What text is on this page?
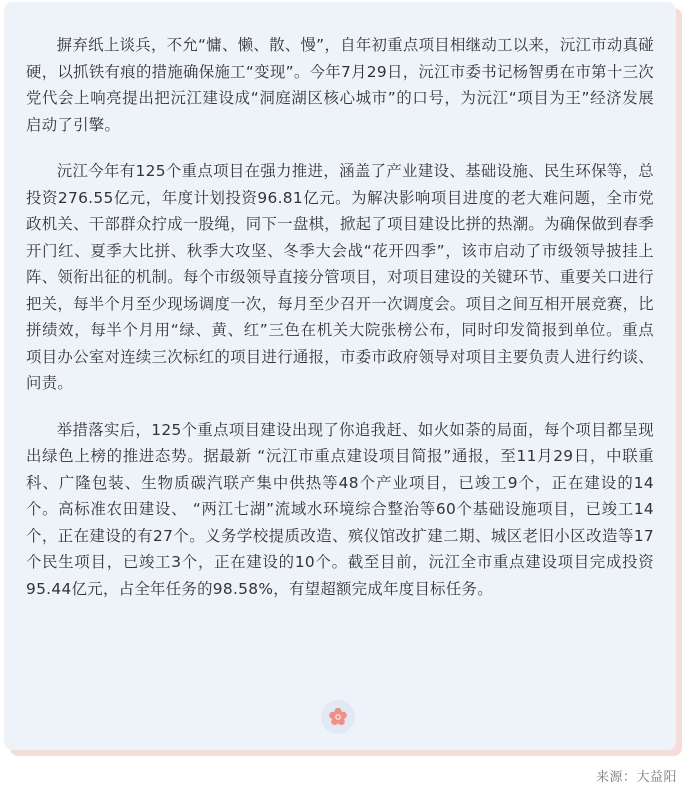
摒弃纸上谈兵，不允“慵、懒、散、慢”，自年初重点项目相继动工以来，沅江市动真碰硬，以抓铁有痕的措施确保施工“变现”。今年7月29日，沅江市委书记杨智勇在市第十三次党代会上响亮提出把沅江建设成“洞庭湖区核心城市”的口号，为沅江“项目为王”经济发展启动了引擎。

沅江今年有125个重点项目在强力推进，涵盖了产业建设、基础设施、民生环保等，总投资276.55亿元，年度计划投资96.81亿元。为解决影响项目进度的老大难问题，全市党政机关、干部群众拧成一股绳，同下一盘棋，掀起了项目建设比拼的热潮。为确保做到春季开门红、夏季大比拼、秋季大攻坚、冬季大会战“花开四季”，该市启动了市级领导披挂上阵、领衔出征的机制。每个市级领导直接分管项目，对项目建设的关键环节、重要关口进行把关，每半个月至少现场调度一次，每月至少召开一次调度会。项目之间互相开展竞赛，比拼绩效，每半个月用“绿、黄、红”三色在机关大院张榜公布，同时印发简报到单位。重点项目办公室对连续三次标红的项目进行通报，市委市政府领导对项目主要负责人进行约谈、问责。

举措落实后，125个重点项目建设出现了你追我赶、如火如荼的局面，每个项目都呈现出绿色上榜的推进态势。据最新 “沅江市重点建设项目简报”通报，至11月29日，中联重科、广隆包装、生物质碳汽联产集中供热等48个产业项目，已竣工9个，正在建设的14个。高标准农田建设、 “两江七湖”流域水环境综合整治等60个基础设施项目，已竣工14个，正在建设的有27个。义务学校提质改造、殡仪馆改扩建二期、城区老旧小区改造等17个民生项目，已竣工3个，正在建设的10个。截至目前，沅江全市重点建设项目完成投资95.44亿元，占全年任务的98.58%，有望超额完成年度目标任务。

来源：大益阳
